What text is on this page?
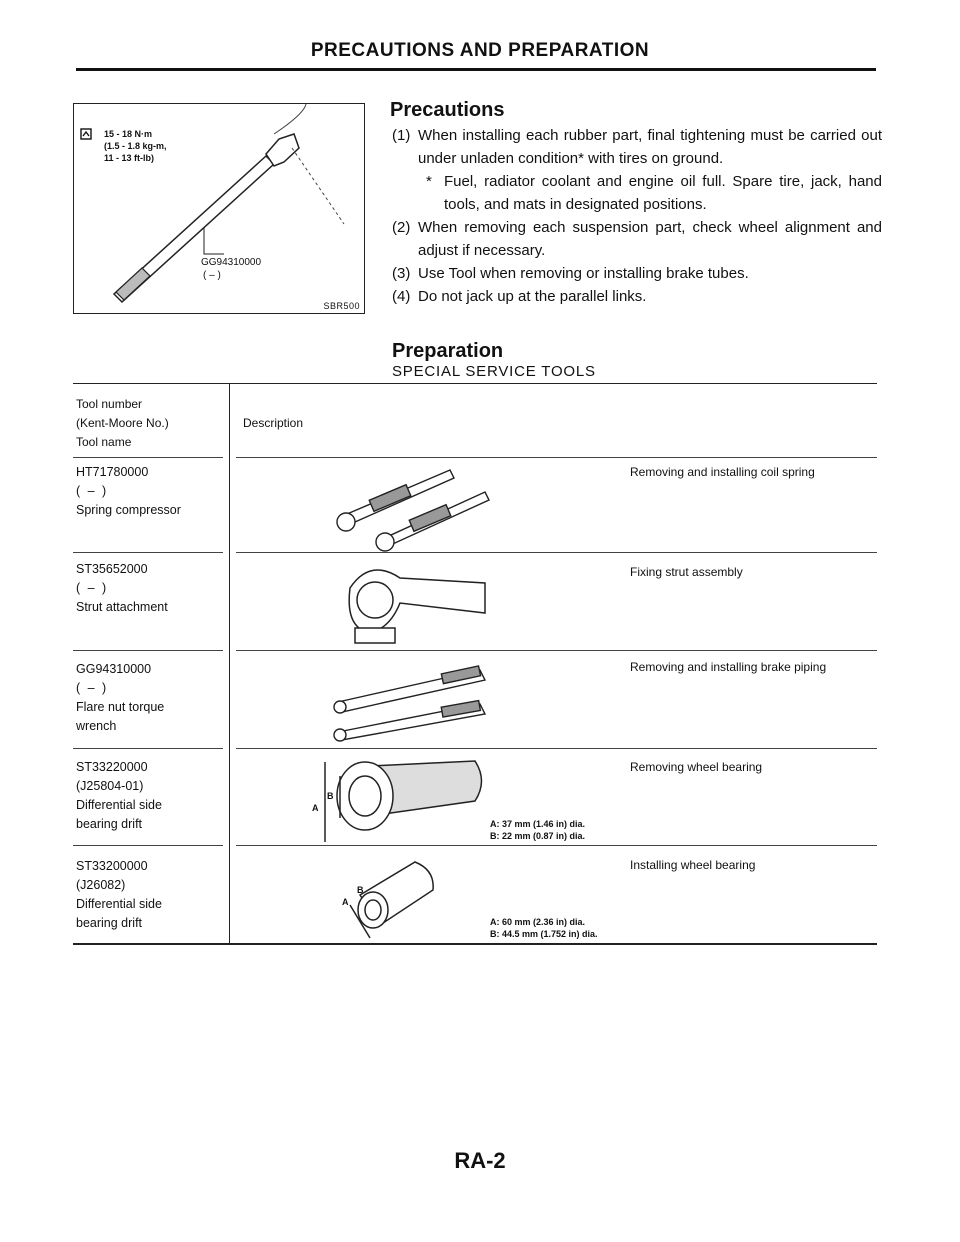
PRECAUTIONS AND PREPARATION
15 - 18 N·m
(1.5 - 1.8 kg-m,
11 - 13 ft-lb)
GG94310000
( – )
SBR500
Precautions
(1) When installing each rubber part, final tightening must be carried out under unladen condition* with tires on ground.
* Fuel, radiator coolant and engine oil full. Spare tire, jack, hand tools, and mats in designated positions.
(2) When removing each suspension part, check wheel alignment and adjust if necessary.
(3) Use Tool when removing or installing brake tubes.
(4) Do not jack up at the parallel links.
Preparation
SPECIAL SERVICE TOOLS
Tool number
(Kent-Moore No.)
Tool name
Description
HT71780000
( – )
Spring compressor
Removing and installing coil spring
ST35652000
( – )
Strut attachment
Fixing strut assembly
GG94310000
( – )
Flare nut torque
wrench
Removing and installing brake piping
ST33220000
(J25804-01)
Differential side
bearing drift
Removing wheel bearing
A
B
A: 37 mm (1.46 in) dia.
B: 22 mm (0.87 in) dia.
ST33200000
(J26082)
Differential side
bearing drift
Installing wheel bearing
A
B
A: 60 mm (2.36 in) dia.
B: 44.5 mm (1.752 in) dia.
RA-2
